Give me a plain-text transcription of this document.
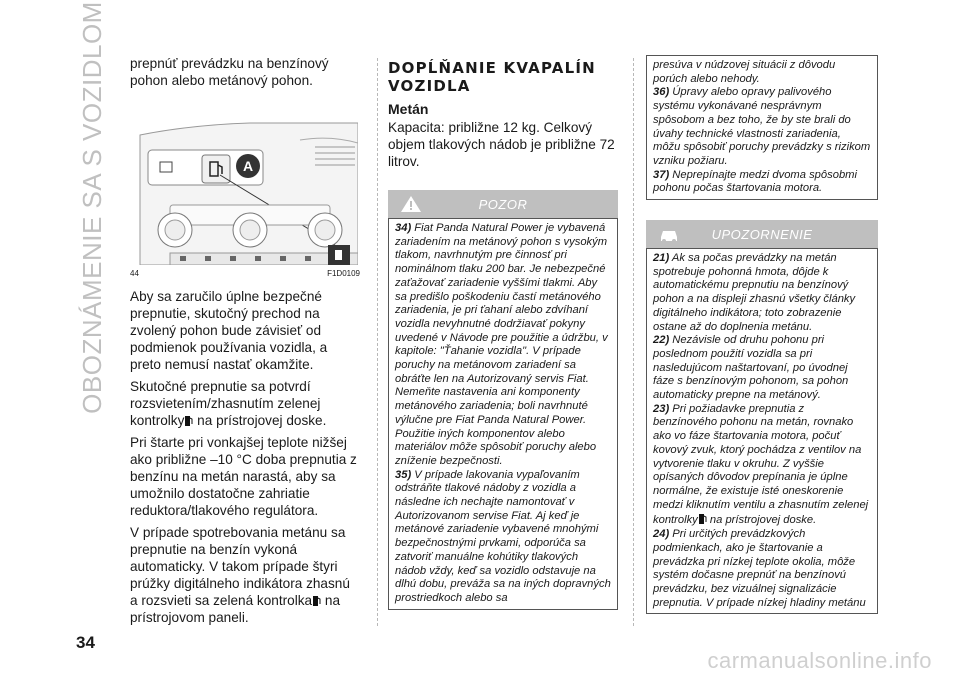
OBOZNÁMENIE SA S VOZIDLOM
34
carmanualsonline.info

prepnúť prevádzku na benzínový pohon alebo metánový pohon.

A
44	F1D0109

Aby sa zaručilo úplne bezpečné prepnutie, skutočný prechod na zvolený pohon bude závisieť od podmienok používania vozidla, a preto nemusí nastať okamžite.

Skutočné prepnutie sa potvrdí rozsvietením/zhasnutím zelenej kontrolky na prístrojovej doske.

Pri štarte pri vonkajšej teplote nižšej ako približne –10 °C doba prepnutia z benzínu na metán narastá, aby sa umožnilo dostatočne zahriatie reduktora/tlakového regulátora.

V prípade spotrebovania metánu sa prepnutie na benzín vykoná automaticky. V takom prípade štyri prúžky digitálneho indikátora zhasnú a rozsvieti sa zelená kontrolka na prístrojovom paneli.

DOPĹŇANIE KVAPALÍN VOZIDLA
Metán

Kapacita: približne 12 kg. Celkový objem tlakových nádob je približne 72 litrov.

POZOR

34) Fiat Panda Natural Power je vybavená zariadením na metánový pohon s vysokým tlakom, navrhnutým pre činnosť pri nominálnom tlaku 200 bar. Je nebezpečné zaťažovať zariadenie vyššími tlakmi. Aby sa predišlo poškodeniu častí metánového zariadenia, je pri ťahaní alebo zdvíhaní vozidla nevyhnutné dodržiavať pokyny uvedené v Návode pre použitie a údržbu, v kapitole: "Ťahanie vozidla". V prípade poruchy na metánovom zariadení sa obráťte len na Autorizovaný servis Fiat. Nemeňte nastavenia ani komponenty metánového zariadenia; boli navrhnuté výlučne pre Fiat Panda Natural Power. Použitie iných komponentov alebo materiálov môže spôsobiť poruchy alebo zníženie bezpečnosti.

35) V prípade lakovania vypaľovaním odstráňte tlakové nádoby z vozidla a následne ich nechajte namontovať v Autorizovanom servise Fiat. Aj keď je metánové zariadenie vybavené mnohými bezpečnostnými prvkami, odporúča sa zatvoriť manuálne kohútiky tlakových nádob vždy, keď sa vozidlo odstavuje na dlhú dobu, preváža sa na iných dopravných prostriedkoch alebo sa

presúva v núdzovej situácii z dôvodu porúch alebo nehody.

36) Úpravy alebo opravy palivového systému vykonávané nesprávnym spôsobom a bez toho, že by ste brali do úvahy technické vlastnosti zariadenia, môžu spôsobiť poruchy prevádzky s rizikom vzniku požiaru.

37) Neprepínajte medzi dvoma spôsobmi pohonu počas štartovania motora.

UPOZORNENIE

21) Ak sa počas prevádzky na metán spotrebuje pohonná hmota, dôjde k automatickému prepnutiu na benzínový pohon a na displeji zhasnú všetky články digitálneho indikátora; toto zobrazenie ostane až do doplnenia metánu.

22) Nezávisle od druhu pohonu pri poslednom použití vozidla sa pri nasledujúcom naštartovaní, po úvodnej fáze s benzínovým pohonom, sa pohon automaticky prepne na metánový.

23) Pri požiadavke prepnutia z benzínového pohonu na metán, rovnako ako vo fáze štartovania motora, počuť kovový zvuk, ktorý pochádza z ventilov na vytvorenie tlaku v okruhu. Z vyššie opísaných dôvodov prepínania je úplne normálne, že existuje isté oneskorenie medzi kliknutím ventilu a zhasnutím zelenej kontrolky na prístrojovej doske.

24) Pri určitých prevádzkových podmienkach, ako je štartovanie a prevádzka pri nízkej teplote okolia, môže systém dočasne prepnúť na benzínovú prevádzku, bez vizuálnej signalizácie prepnutia. V prípade nízkej hladiny metánu
